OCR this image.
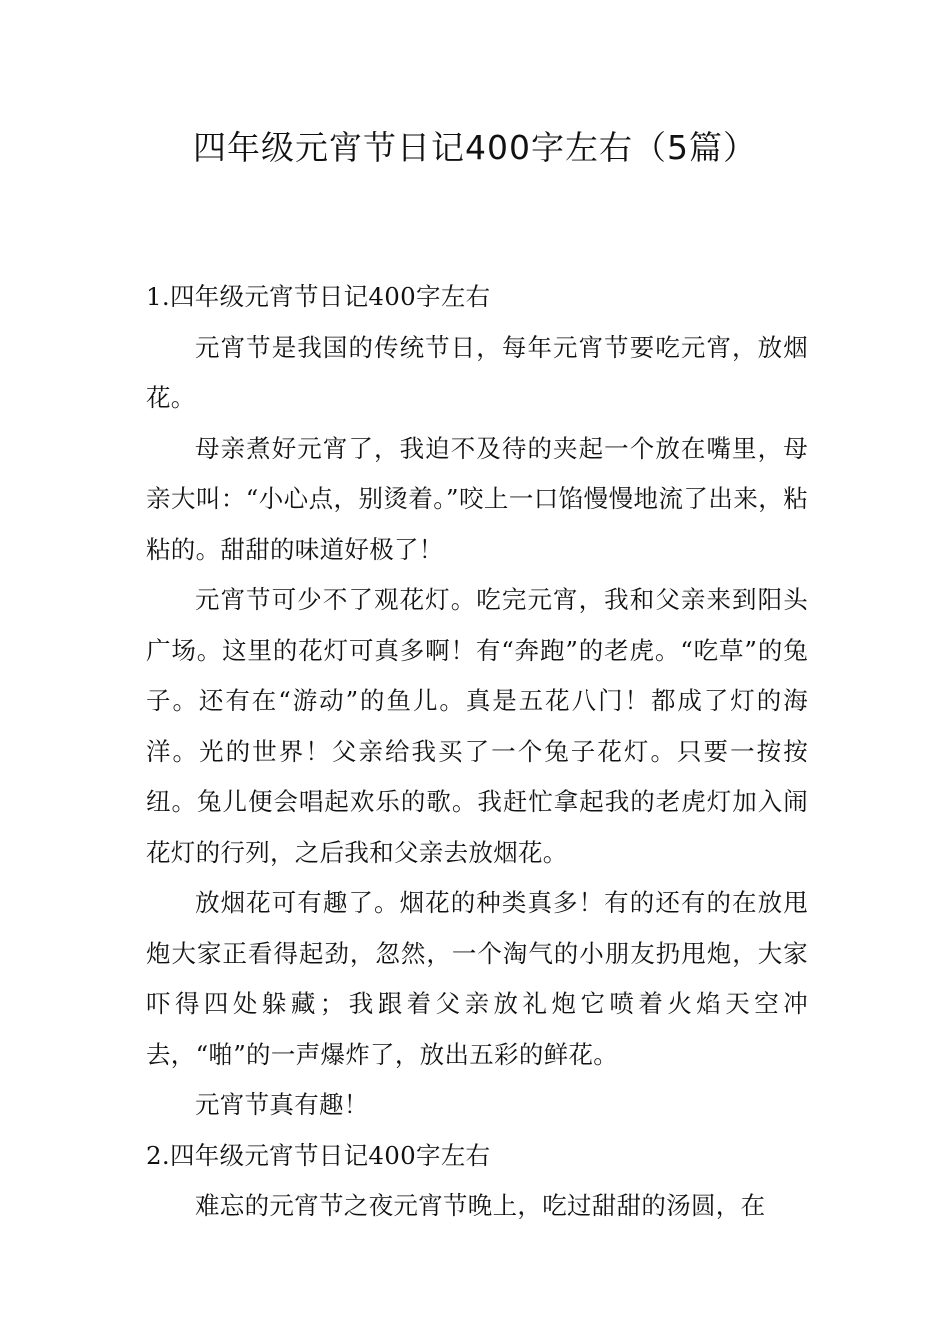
四年级元宵节日记400字左右（5篇）

1.四年级元宵节日记400字左右

元宵节是我国的传统节日，每年元宵节要吃元宵，放烟花。

母亲煮好元宵了，我迫不及待的夹起一个放在嘴里，母亲大叫：“小心点，别烫着。”咬上一口馅慢慢地流了出来，粘粘的。甜甜的味道好极了！

元宵节可少不了观花灯。吃完元宵，我和父亲来到阳头广场。这里的花灯可真多啊！有“奔跑”的老虎。“吃草”的兔子。还有在“游动”的鱼儿。真是五花八门！都成了灯的海洋。光的世界！父亲给我买了一个兔子花灯。只要一按按纽。兔儿便会唱起欢乐的歌。我赶忙拿起我的老虎灯加入闹花灯的行列，之后我和父亲去放烟花。

放烟花可有趣了。烟花的种类真多！有的还有的在放甩炮大家正看得起劲，忽然，一个淘气的小朋友扔甩炮，大家吓得四处躲藏；我跟着父亲放礼炮它喷着火焰天空冲去，“啪”的一声爆炸了，放出五彩的鲜花。

元宵节真有趣！

2.四年级元宵节日记400字左右

难忘的元宵节之夜元宵节晚上，吃过甜甜的汤圆，在
